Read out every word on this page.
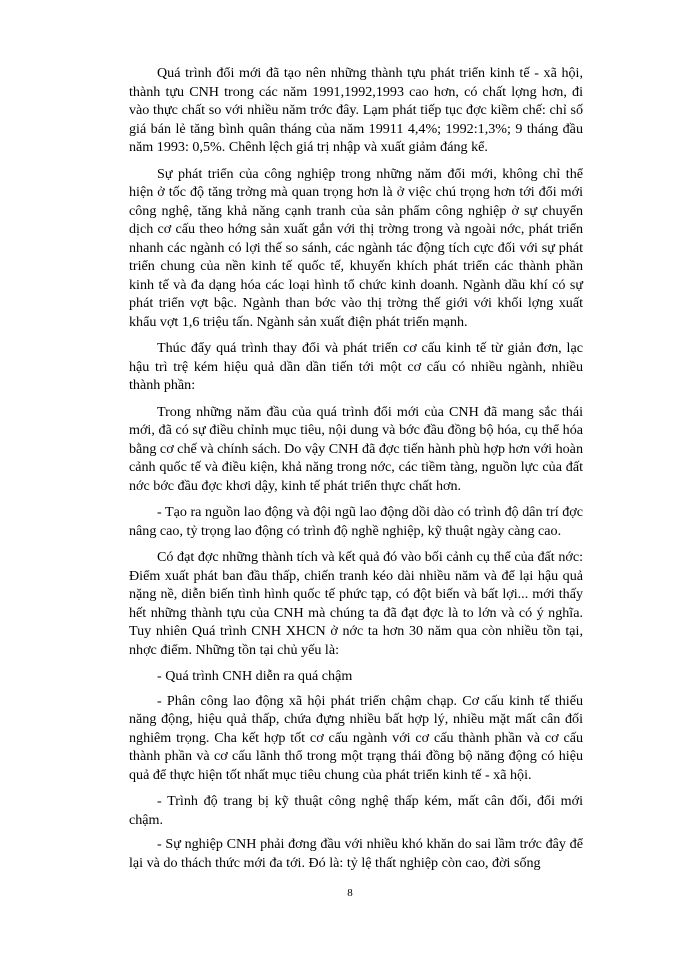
Quá trình đổi mới đã tạo nên những thành tựu phát triển kinh tế - xã hội, thành tựu CNH trong các năm 1991,1992,1993 cao hơn, có chất lợng hơn, đi vào thực chất so với nhiều năm trớc đây. Lạm phát tiếp tục đợc kiềm chế: chỉ số giá bán lẻ tăng bình quân tháng của năm 19911 4,4%; 1992:1,3%; 9 tháng đầu năm 1993: 0,5%. Chênh lệch giá trị nhập và xuất giảm đáng kể.

Sự phát triển của công nghiệp trong những năm đổi mới, không chỉ thể hiện ở tốc độ tăng trởng mà quan trọng hơn là ở việc chú trọng hơn tới đổi mới công nghệ, tăng khả năng cạnh tranh của sản phẩm công nghiệp ở sự chuyển dịch cơ cấu theo hớng sản xuất gắn với thị trờng trong và ngoài nớc, phát triển nhanh các ngành có lợi thế so sánh, các ngành tác động tích cực đối với sự phát triển chung của nền kinh tế quốc tế, khuyến khích phát triển các thành phần kinh tế và đa dạng hóa các loại hình tổ chức kinh doanh. Ngành dầu khí có sự phát triển vợt bậc. Ngành than bớc vào thị trờng thế giới với khối lợng xuất khẩu vợt 1,6 triệu tấn. Ngành sản xuất điện phát triển mạnh.

Thúc đẩy quá trình thay đổi và phát triển cơ cấu kinh tế từ giản đơn, lạc hậu trì trệ kém hiệu quả dần dần tiến tới một cơ cấu có nhiều ngành, nhiều thành phần:

Trong những năm đầu của quá trình đổi mới của CNH đã mang sắc thái mới, đã có sự điều chỉnh mục tiêu, nội dung và bớc đầu đồng bộ hóa, cụ thể hóa bằng cơ chế và chính sách. Do vậy CNH đã đợc tiến hành phù hợp hơn với hoàn cảnh quốc tế và điều kiện, khả năng trong nớc, các tiềm tàng, nguồn lực của đất nớc bớc đầu đợc khơi dậy, kinh tế phát triển thực chất hơn.

- Tạo ra nguồn lao động và đội ngũ lao động dồi dào có trình độ dân trí đợc nâng cao, tỷ trọng lao động có trình độ nghề nghiệp, kỹ thuật ngày càng cao.

Có đạt đợc những thành tích và kết quả đó vào bối cảnh cụ thể của đất nớc: Điểm xuất phát ban đầu thấp, chiến tranh kéo dài nhiều năm và để lại hậu quả nặng nề, diễn biến tình hình quốc tế phức tạp, có đột biến và bất lợi... mới thấy hết những thành tựu của CNH mà chúng ta đã đạt đợc là to lớn và có ý nghĩa. Tuy nhiên Quá trình CNH XHCN ở nớc ta hơn 30 năm qua còn nhiều tồn tại, nhợc điểm. Những tồn tại chủ yếu là:

- Quá trình CNH diễn ra quá chậm

- Phân công lao động xã hội phát triển chậm chạp. Cơ cấu kinh tế thiếu năng động, hiệu quả thấp, chứa đựng nhiều bất hợp lý, nhiều mặt mất cân đối nghiêm trọng. Cha kết hợp tốt cơ cấu ngành với cơ cấu thành phần và cơ cấu thành phần và cơ cấu lãnh thổ trong một trạng thái đồng bộ năng động có hiệu quả để thực hiện tốt nhất mục tiêu chung của phát triển kinh tế - xã hội.

- Trình độ trang bị kỹ thuật công nghệ thấp kém, mất cân đối, đổi mới chậm.

- Sự nghiệp CNH phải đơng đầu với nhiều khó khăn do sai lầm trớc đây để lại và do thách thức mới đa tới. Đó là: tỷ lệ thất nghiệp còn cao, đời sống

8
